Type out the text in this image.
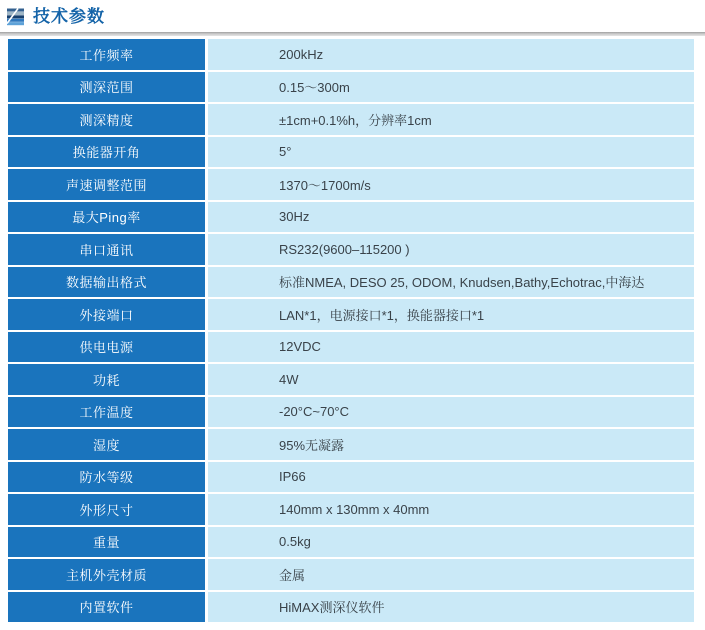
技术参数
工作频率	200kHz
测深范围	0.15～300m
测深精度	±1cm+0.1%h，分辨率1cm
换能器开角	5°
声速调整范围	1370～1700m/s
最大Ping率	30Hz
串口通讯	RS232(9600–115200 )
数据输出格式	标准NMEA, DESO 25, ODOM, Knudsen,Bathy,Echotrac,中海达
外接端口	LAN*1，电源接口*1，换能器接口*1
供电电源	12VDC
功耗	4W
工作温度	-20°C~70°C
湿度	95%无凝露
防水等级	IP66
外形尺寸	140mm x 130mm x 40mm
重量	0.5kg
主机外壳材质	金属
内置软件	HiMAX测深仪软件
